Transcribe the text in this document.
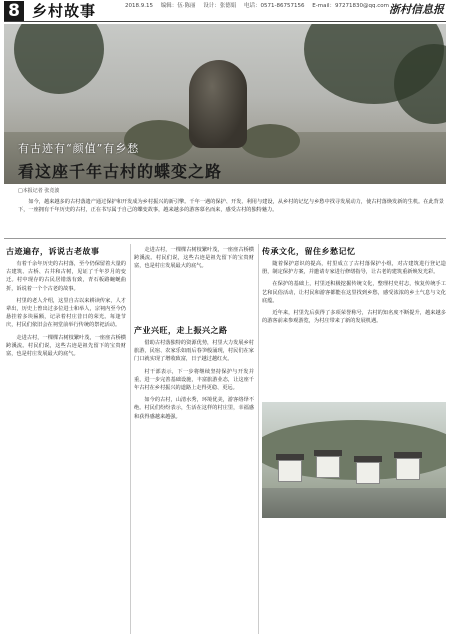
8 乡村故事	2018.9.15 编辑：伍·陈丽 设计：张德娟 电话：0571-86757156 E-mail：97271830@qq.com 浙村信息报
有古迹有“颜值”有乡愁
看这座千年古村的蝶变之路
□本报记者 张竞波

如今，越来越多的古村落遗产通过保护和开发成为乡村振兴的新引擎。千年一遇的保护、开发、利用与建设，从乡村的记忆与乡愁中找寻发展动力，使古村落焕发新的生机。在此背景下，一座拥有千年历史的古村，正在书写属于自己的蝶变故事，越来越多的游客慕名而来，感受古村的独特魅力。

古迹遍存，诉说古老故事

有着千余年历史的古村落，至今仍保留着大量的古建筑、古桥、古井和古树，见证了千年岁月的变迁。村中现存的古民居错落有致，青石板路蜿蜒曲折，诉说着一个个古老的故事。

村里的老人介绍，这里自古以来耕读传家，人才辈出，历史上曾出过多位进士和举人，宗祠内至今仍悬挂着多块匾额，记录着村庄昔日的荣光。每逢节庆，村民们依旧会在祠堂前举行传统的祭祀活动。

走进古村，一棵棵古树枝繁叶茂，一座座古桥横跨溪流。村民们说，这些古迹是祖先留下的宝贵财富，也是村庄发展最大的底气。

走进古村，一棵棵古树枝繁叶茂，一座座古桥横跨溪流。村民们说，这些古迹是祖先留下的宝贵财富，也是村庄发展最大的底气。

传承文化，留住乡愁记忆

随着保护意识的提高，村里成立了古村落保护小组，对古建筑进行登记造册，制定保护方案，并邀请专家进行修缮指导，让古老的建筑重新焕发光彩。

在保护的基础上，村里还积极挖掘传统文化，整理村史村志，恢复传统手工艺和民俗活动，让村民和游客都能在这里找到乡愁，感受浓浓的乡土气息与文化底蕴。

近年来，村里先后获得了多项荣誉称号，古村的知名度不断提升，越来越多的游客前来参观游览，为村庄带来了新的发展机遇。

产业兴旺，走上振兴之路

借助古村落独特的资源优势，村里大力发展乡村旅游，民宿、农家乐如雨后春笋般涌现，村民们在家门口就实现了增收致富，日子越过越红火。

村干部表示，下一步将继续坚持保护与开发并重，进一步完善基础设施，丰富旅游业态，让这座千年古村在乡村振兴的道路上走得更稳、更远。

如今的古村，山清水秀，环境优美，游客络绎不绝。村民们纷纷表示，生活在这样的村庄里，幸福感和获得感越来越强。
